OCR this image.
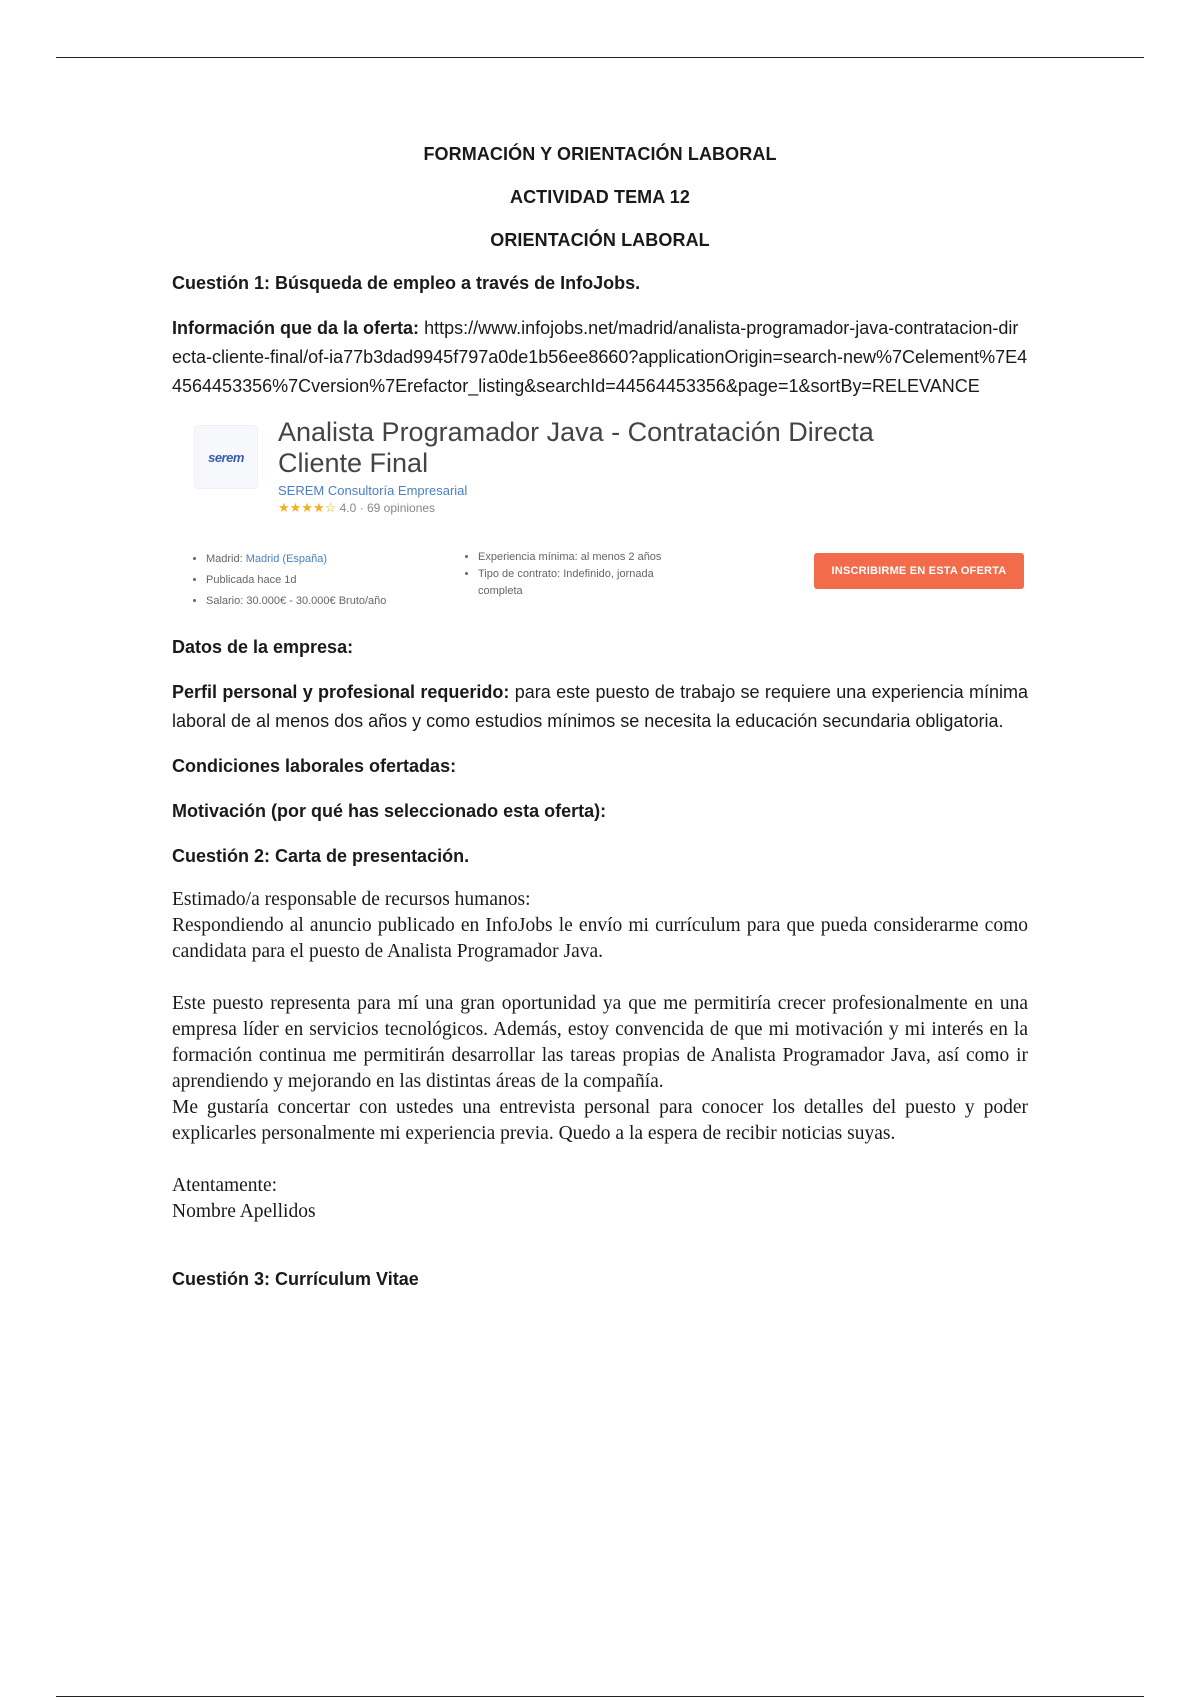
FORMACIÓN Y ORIENTACIÓN LABORAL
ACTIVIDAD TEMA 12
ORIENTACIÓN LABORAL

Cuestión 1: Búsqueda de empleo a través de InfoJobs.

Información que da la oferta: https://www.infojobs.net/madrid/analista-programador-java-contratacion-directa-cliente-final/of-ia77b3dad9945f797a0de1b56ee8660?applicationOrigin=search-new%7Celement%7E44564453356%7Cversion%7Erefactor_listing&searchId=44564453356&page=1&sortBy=RELEVANCE

serem
Analista Programador Java - Contratación Directa Cliente Final
SEREM Consultoría Empresarial
★★★★☆ 4.0 · 69 opiniones
• Madrid: Madrid (España)
• Publicada hace 1d
• Salario: 30.000€ - 30.000€ Bruto/año
• Experiencia mínima: al menos 2 años
• Tipo de contrato: Indefinido, jornada completa
INSCRIBIRME EN ESTA OFERTA

Datos de la empresa:

Perfil personal y profesional requerido: para este puesto de trabajo se requiere una experiencia mínima laboral de al menos dos años y como estudios mínimos se necesita la educación secundaria obligatoria.

Condiciones laborales ofertadas:

Motivación (por qué has seleccionado esta oferta):

Cuestión 2: Carta de presentación.

Estimado/a responsable de recursos humanos:
Respondiendo al anuncio publicado en InfoJobs le envío mi currículum para que pueda considerarme como candidata para el puesto de Analista Programador Java.
Este puesto representa para mí una gran oportunidad ya que me permitiría crecer profesionalmente en una empresa líder en servicios tecnológicos. Además, estoy convencida de que mi motivación y mi interés en la formación continua me permitirán desarrollar las tareas propias de Analista Programador Java, así como ir aprendiendo y mejorando en las distintas áreas de la compañía.
Me gustaría concertar con ustedes una entrevista personal para conocer los detalles del puesto y poder explicarles personalmente mi experiencia previa. Quedo a la espera de recibir noticias suyas.
Atentamente:
Nombre Apellidos

Cuestión 3: Currículum Vitae
